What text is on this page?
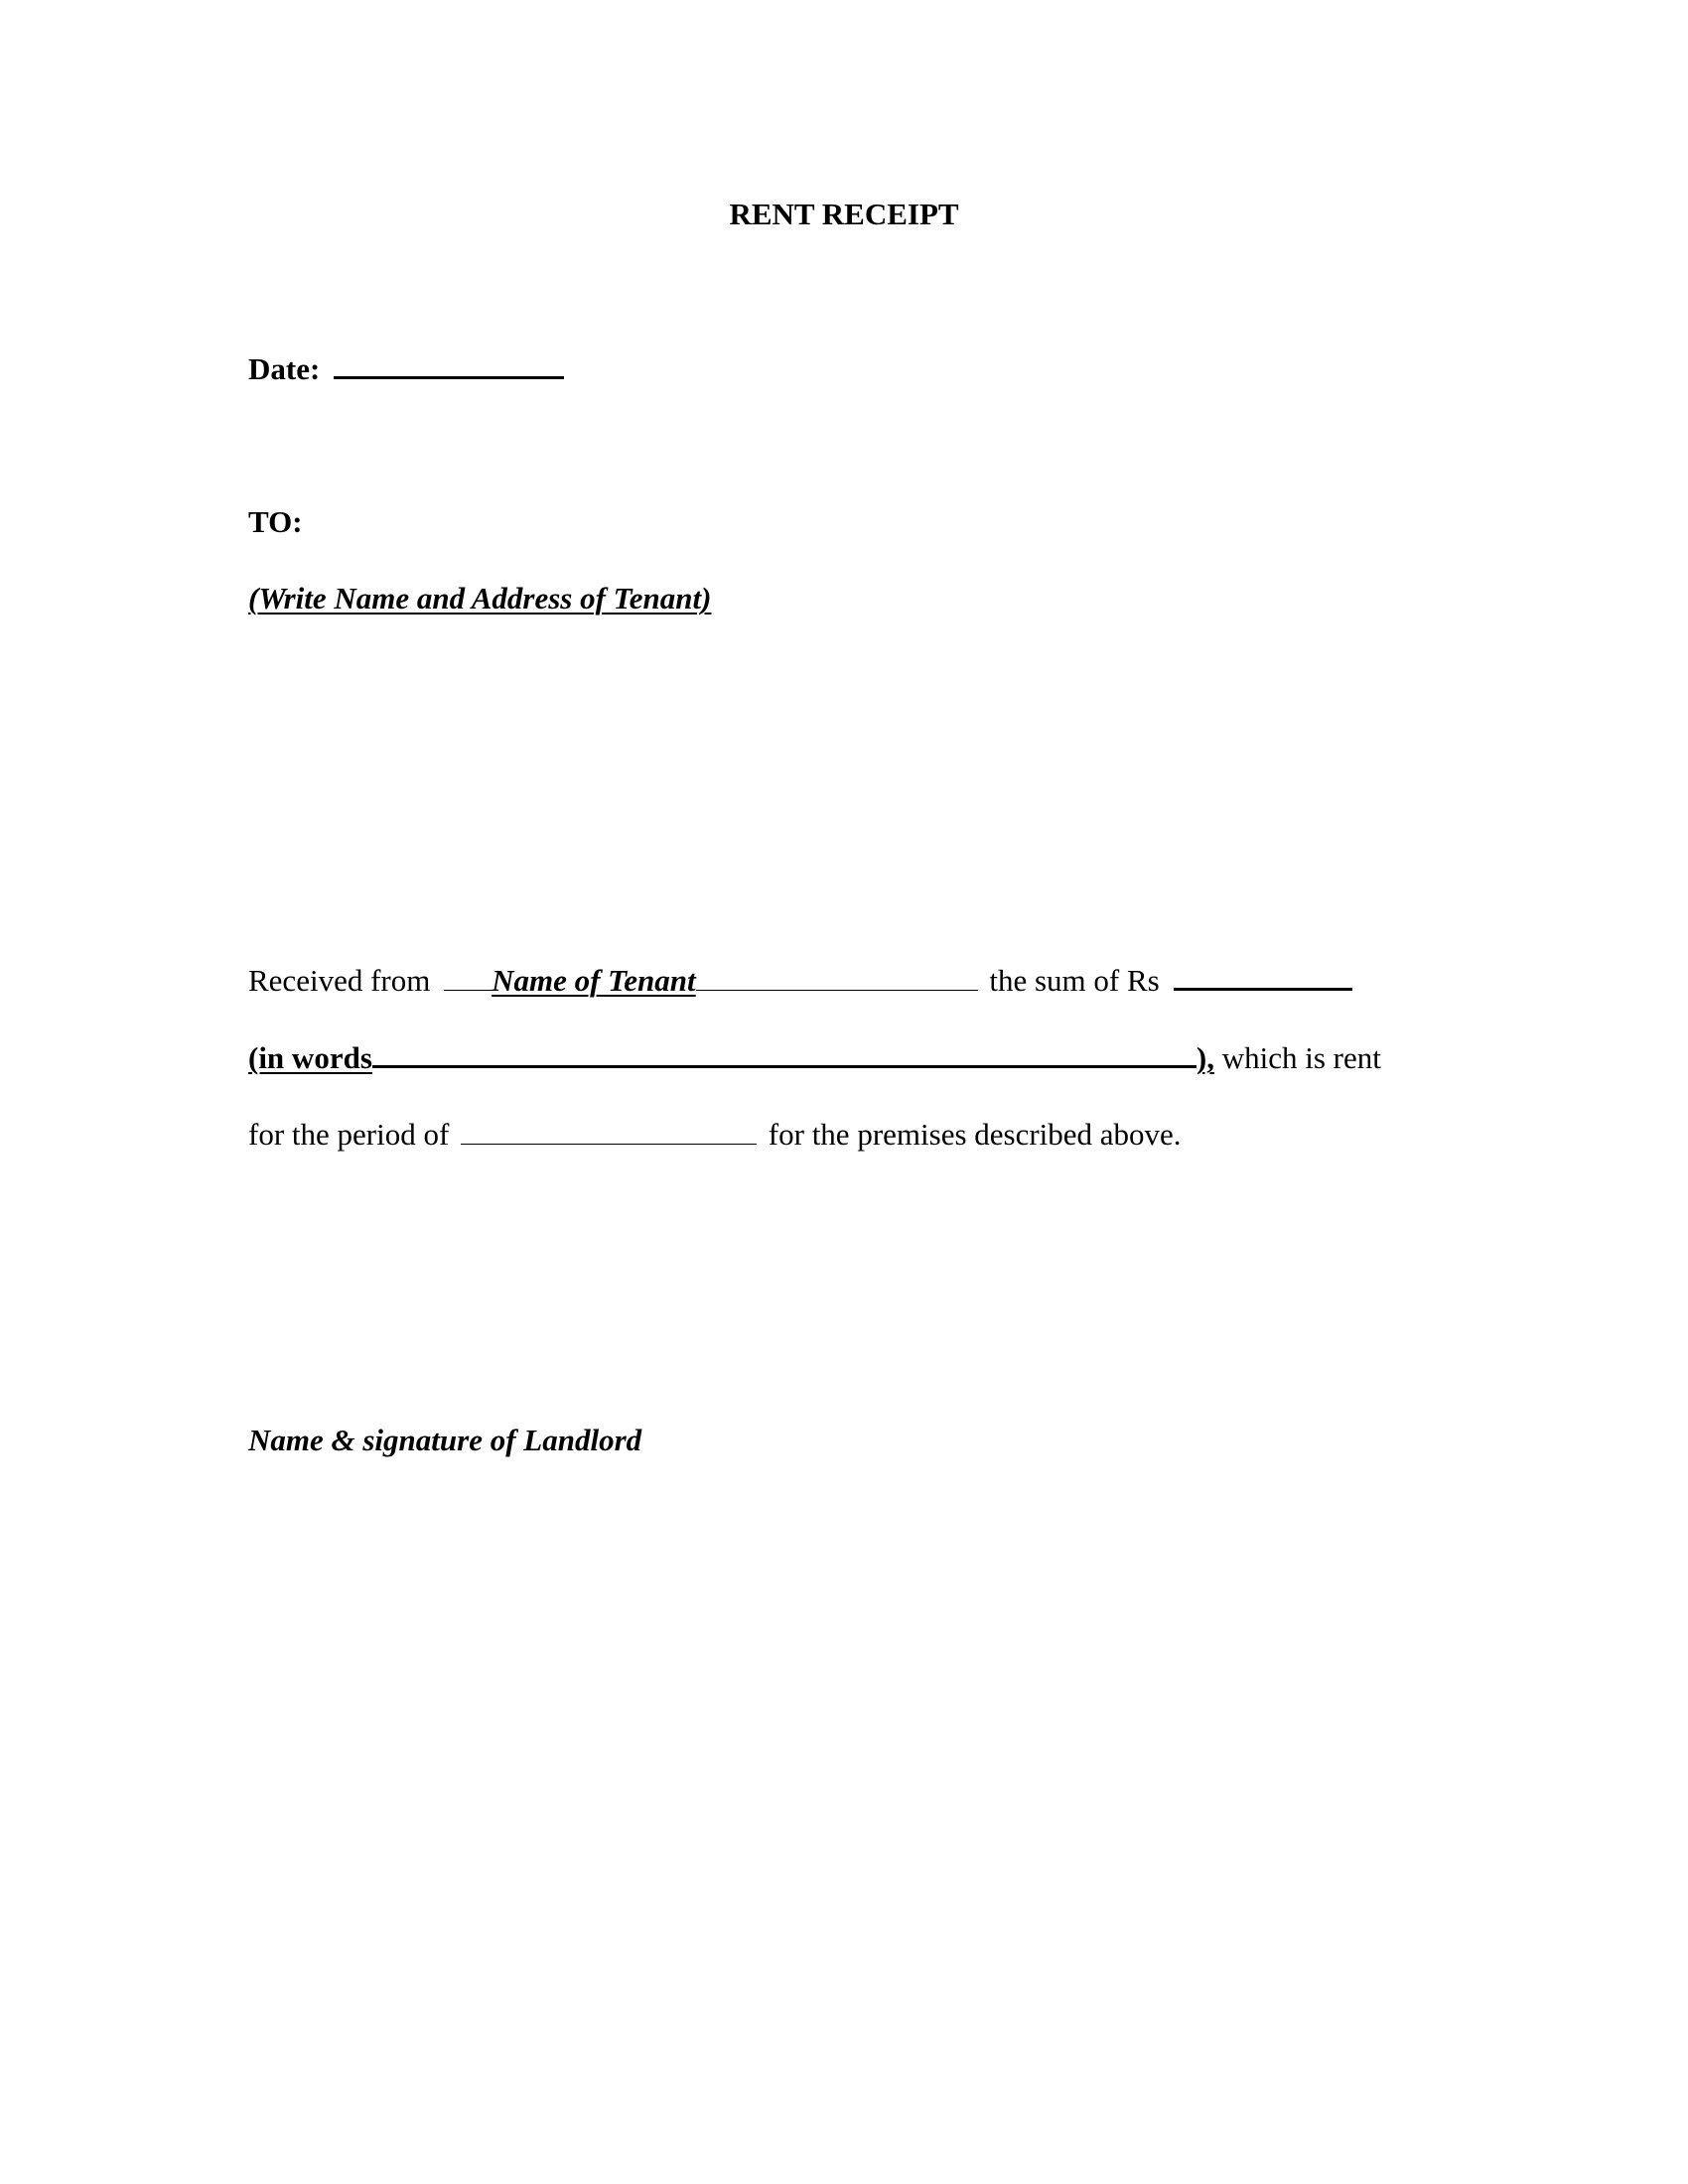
RENT RECEIPT
Date:
TO:
(Write Name and Address of Tenant)
Received from Name of Tenant	the sum of Rs
(in words	), which is rent
for the period of	for the premises described above.
Name & signature of Landlord
